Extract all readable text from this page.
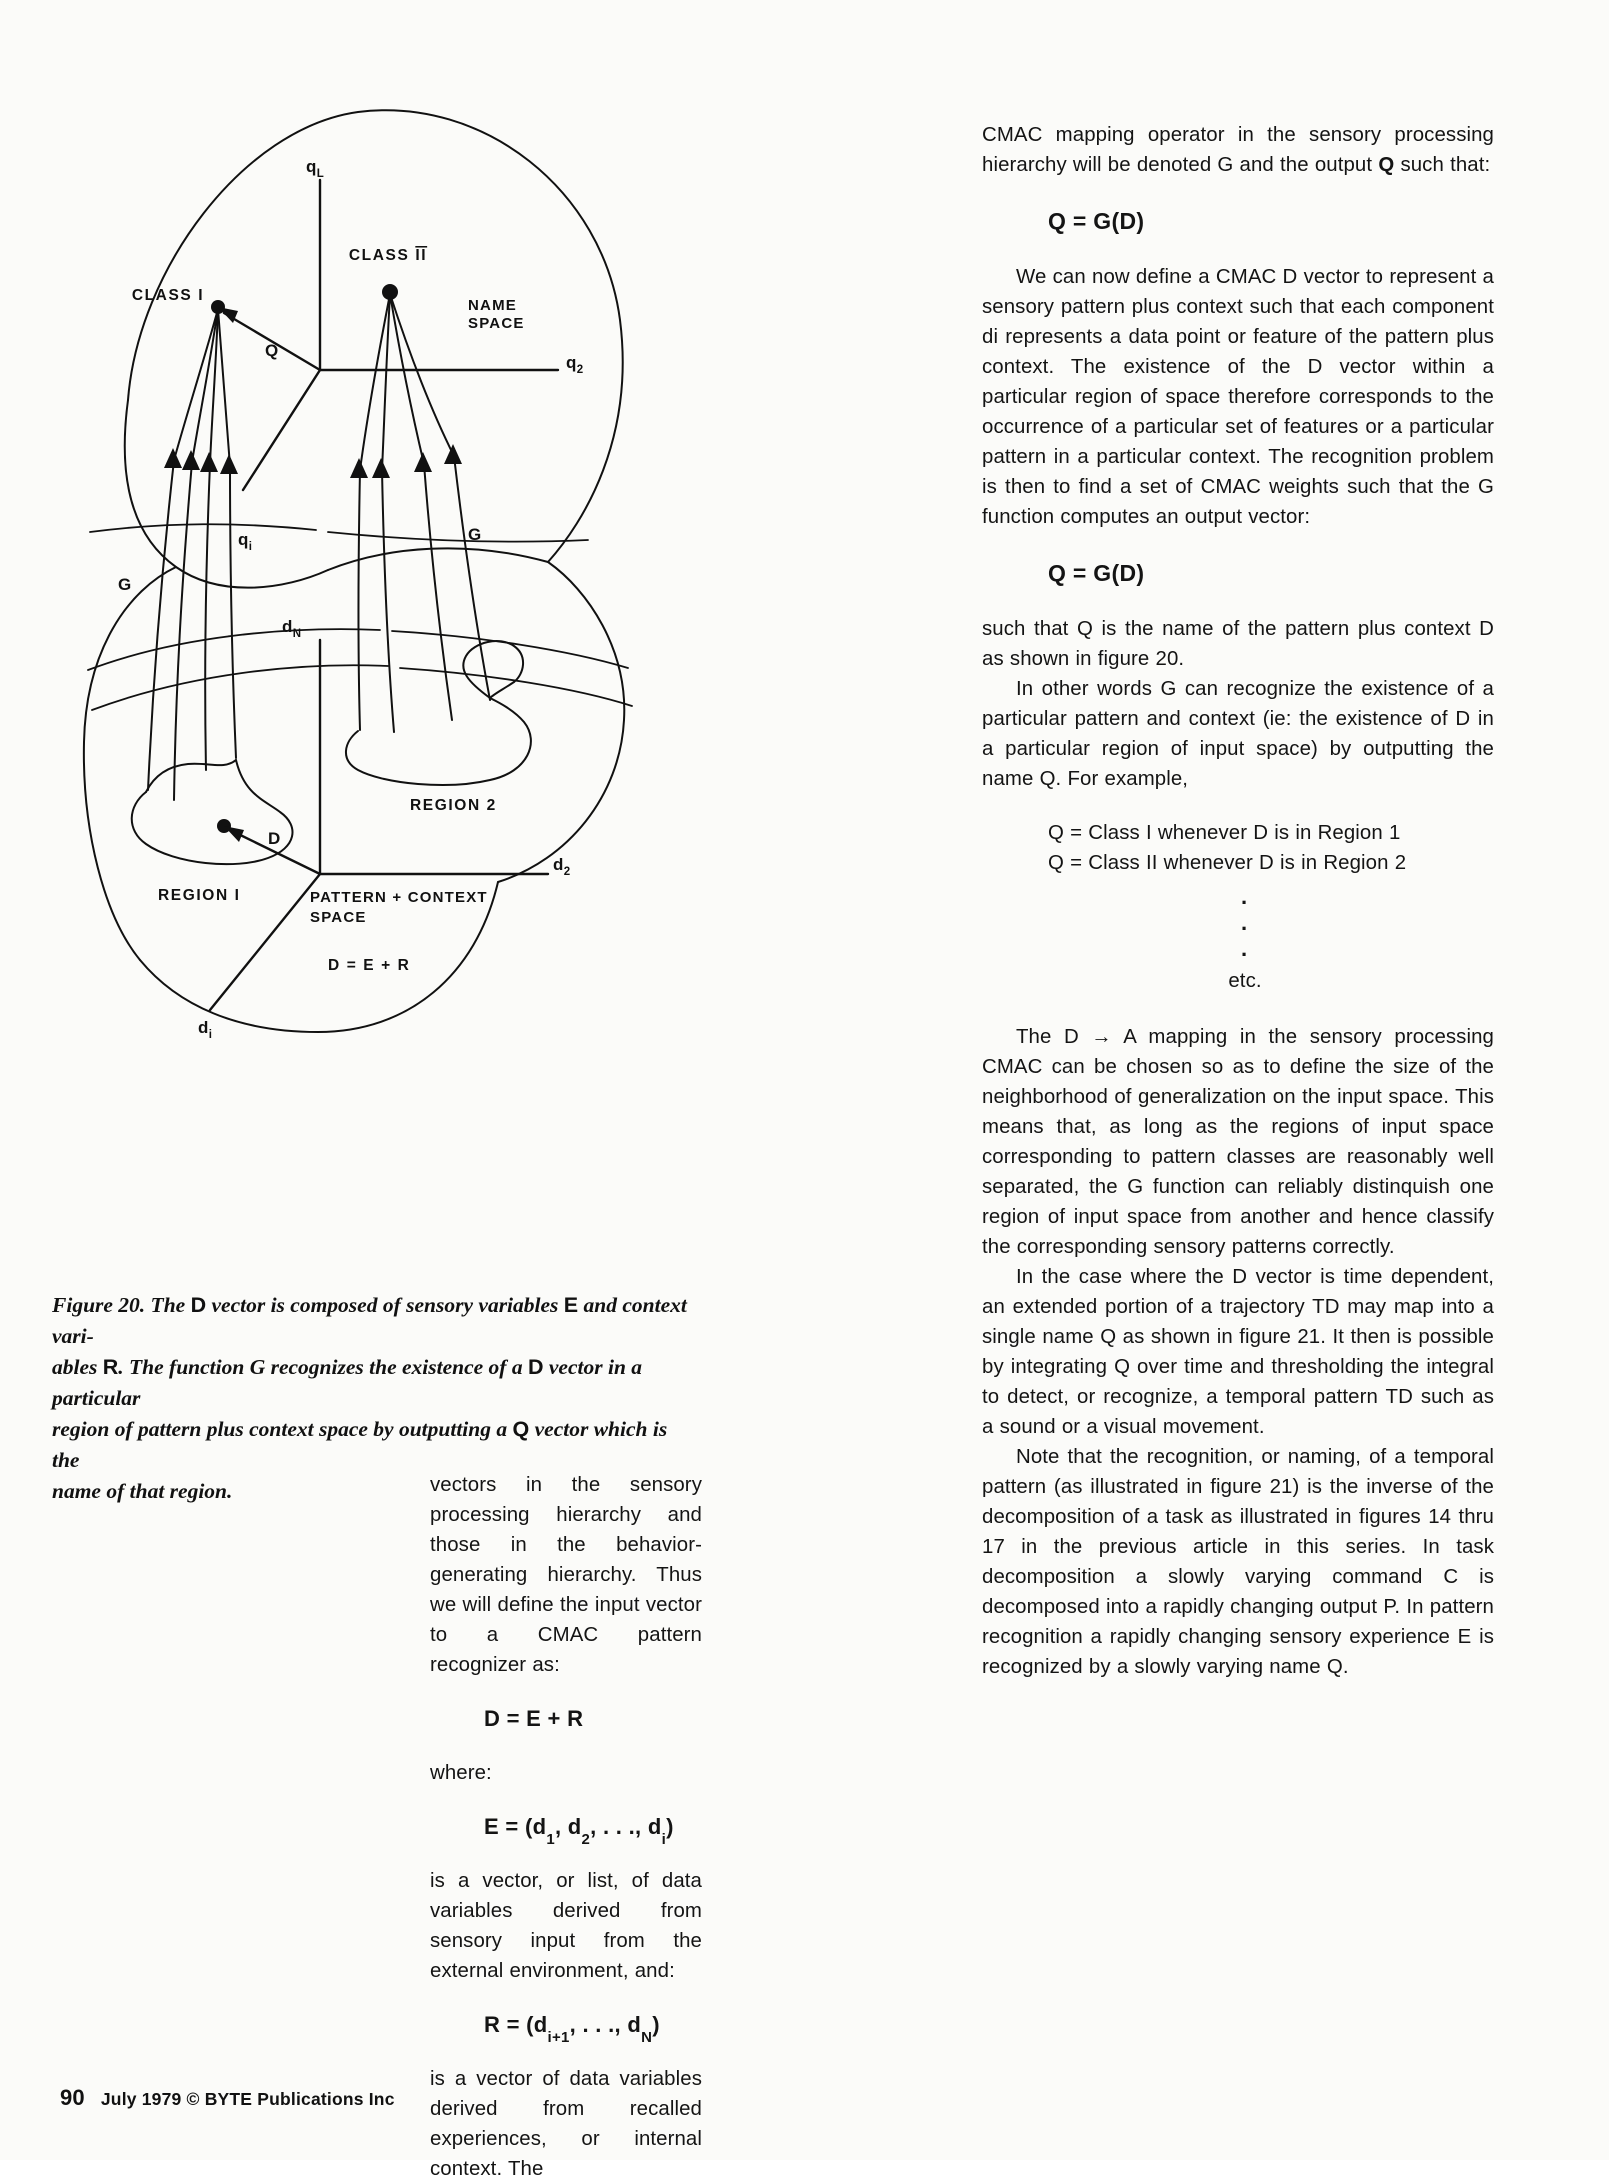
$q_L$
$q_2$
$q_i$
$d_2$
$d_i$
$d_N$
G
G
Q
D
CLASS I
CLASS II
NAME
SPACE
REGION I
REGION 2
PATTERN + CONTEXT
SPACE
D = E + R
Figure 20. The D vector is composed of sensory variables E and context vari-
ables R. The function G recognizes the existence of a D vector in a particular
region of pattern plus context space by outputting a Q vector which is the
name of that region.	vectors in the sensory processing hierarchy and those in the behavior-generating hierarchy. Thus we will define the input vector to a CMAC pattern recognizer as:

D = E + R

where:

$E = (d_1$, $d_2$, . . ., $d_i$)

is a vector, or list, of data variables derived from sensory input from the external environment, and:

$R = (d_{i+1}$, . . ., $d_N$)

is a vector of data variables derived from recalled experiences, or internal context. The

CMAC mapping operator in the sensory processing hierarchy will be denoted G and the output Q such that:

Q = G(D)

We can now define a CMAC D vector to represent a sensory pattern plus context such that each component di represents a data point or feature of the pattern plus context. The existence of the D vector within a particular region of space therefore corresponds to the occurrence of a particular set of features or a particular pattern in a particular context. The recognition problem is then to find a set of CMAC weights such that the G function computes an output vector:

Q = G(D)

such that Q is the name of the pattern plus context D as shown in figure 20.

In other words G can recognize the existence of a particular pattern and context (ie: the existence of D in a particular region of input space) by outputting the name Q. For example,

Q = Class I whenever D is in Region 1
Q = Class II whenever D is in Region 2
.
.
.
etc.

The D → A mapping in the sensory processing CMAC can be chosen so as to define the size of the neighborhood of generalization on the input space. This means that, as long as the regions of input space corresponding to pattern classes are reasonably well separated, the G function can reliably distinquish one region of input space from another and hence classify the corresponding sensory patterns correctly.

In the case where the D vector is time dependent, an extended portion of a trajectory TD may map into a single name Q as shown in figure 21. It then is possible by integrating Q over time and thresholding the integral to detect, or recognize, a temporal pattern TD such as a sound or a visual movement.

Note that the recognition, or naming, of a temporal pattern (as illustrated in figure 21) is the inverse of the decomposition of a task as illustrated in figures 14 thru 17 in the previous article in this series. In task decomposition a slowly varying command C is decomposed into a rapidly changing output P. In pattern recognition a rapidly changing sensory experience E is recognized by a slowly varying name Q.

90 July 1979 © BYTE Publications Inc
